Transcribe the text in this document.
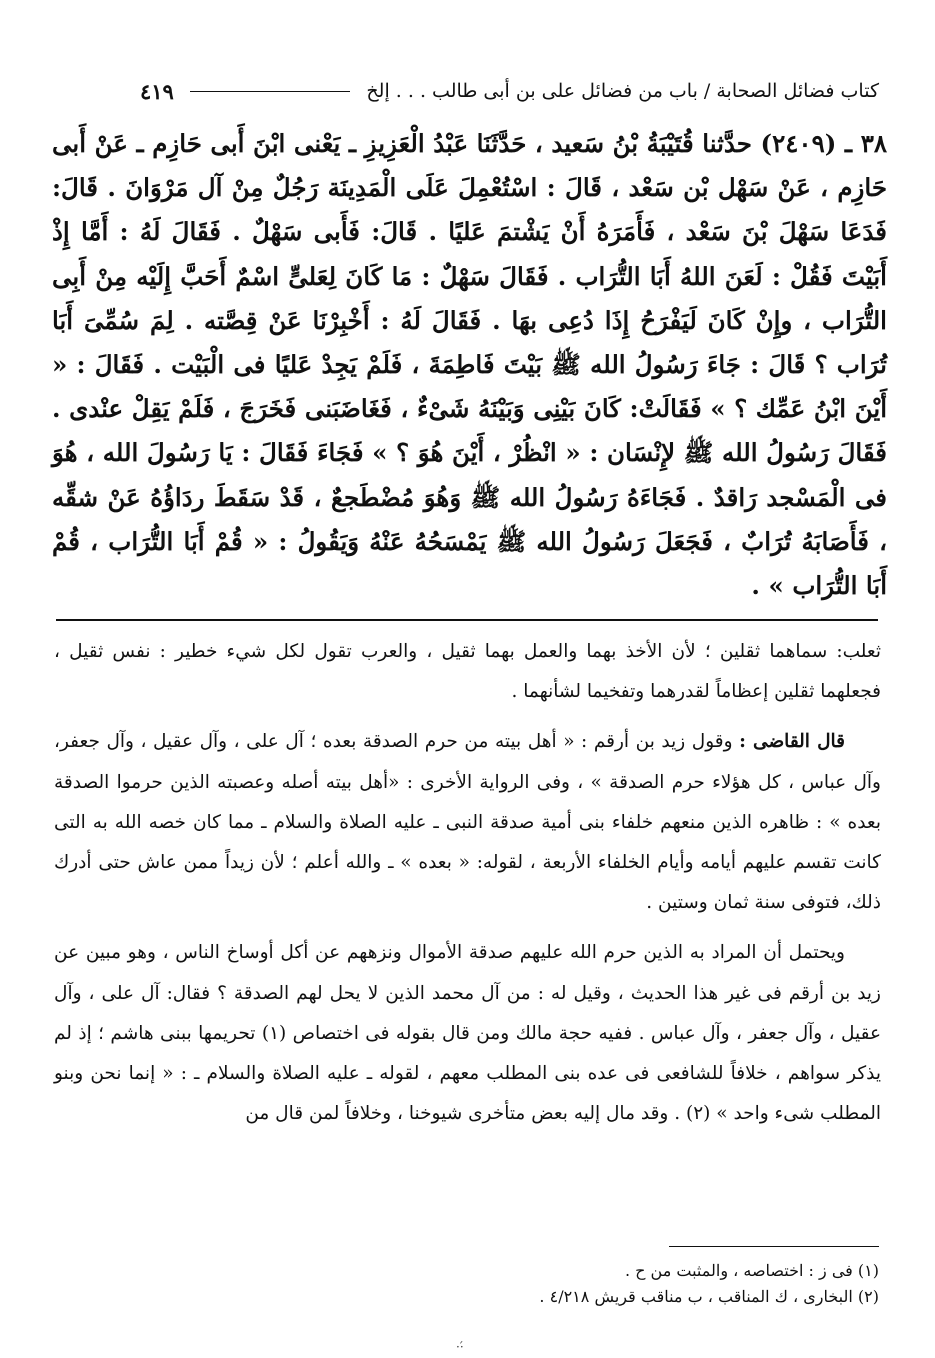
كتاب فضائل الصحابة / باب من فضائل على بن أبى طالب . . . إلخ
٤١٩

٣٨ ـ (٢٤٠٩) حدَّثنا قُتَيْبَةُ بْنُ سَعيد ، حَدَّثَنَا عَبْدُ الْعَزِيزِ ـ يَعْنى ابْنَ أَبى حَازِم ـ عَنْ أَبى حَازِم ، عَنْ سَهْل بْن سَعْد ، قَالَ : اسْتُعْمِلَ عَلَى الْمَدِينَة رَجُلٌ مِنْ آل مَرْوَانَ . قَالَ: فَدَعَا سَهْلَ بْنَ سَعْد ، فَأَمَرَهُ أَنْ يَشْتمَ عَليًا . قَالَ: فَأَبى سَهْلٌ . فَقَالَ لَهُ : أَمَّا إِذْ أَبَيْتَ فَقُلْ : لَعَنَ اللهُ أَبَا التُّرَاب . فَقَالَ سَهْلٌ : مَا كَانَ لِعَلىٍّ اسْمٌ أَحَبَّ إِلَيْه مِنْ أَبِى التُّرَاب ، وإِنْ كَانَ لَيَفْرَحُ إِذَا دُعِى بهَا . فَقَالَ لَهُ : أَخْبِرْنَا عَنْ قِصَّته . لِمَ سُمِّىَ أَبَا تُرَاب ؟ قَالَ : جَاءَ رَسُولُ الله ﷺ بَيْتَ فَاطِمَةَ ، فَلَمْ يَجِدْ عَليًا فى الْبَيْت . فَقَالَ : « أَيْنَ ابْنُ عَمِّك ؟ » فَقَالَتْ: كَانَ بَيْنِى وَبَيْنَهُ شَىْءٌ ، فَغَاضَبَنى فَخَرَجَ ، فَلَمْ يَقِلْ عنْدى . فَقَالَ رَسُولُ الله ﷺ لإِنْسَان : « انْظُرْ ، أَيْنَ هُوَ ؟ » فَجَاءَ فَقَالَ : يَا رَسُولَ الله ، هُوَ فى الْمَسْجد رَاقدٌ . فَجَاءَهُ رَسُولُ الله ﷺ وَهُوَ مُضْطَجعٌ ، قَدْ سَقَطَ ردَاؤُهُ عَنْ شقِّه ، فَأَصَابَهُ تُرَابٌ ، فَجَعَلَ رَسُولُ الله ﷺ يَمْسَحُهُ عَنْهُ وَيَقُولُ : « قُمْ أَبَا التُّرَاب ، قُمْ أَبَا التُّرَاب » .

ثعلب: سماهما ثقلين ؛ لأن الأخذ بهما والعمل بهما ثقيل ، والعرب تقول لكل شيء خطير : نفس ثقيل ، فجعلهما ثقلين إعظاماً لقدرهما وتفخيما لشأنهما .

قال القاضى : وقول زيد بن أرقم : « أهل بيته من حرم الصدقة بعده ؛ آل على ، وآل عقيل ، وآل جعفر، وآل عباس ، كل هؤلاء حرم الصدقة » ، وفى الرواية الأخرى : «أهل بيته أصله وعصبته الذين حرموا الصدقة بعده » : ظاهره الذين منعهم خلفاء بنى أمية صدقة النبى ـ عليه الصلاة والسلام ـ مما كان خصه الله به التى كانت تقسم عليهم أيامه وأيام الخلفاء الأربعة ، لقوله: « بعده » ـ والله أعلم ؛ لأن زيداً ممن عاش حتى أدرك ذلك، فتوفى سنة ثمان وستين .

ويحتمل أن المراد به الذين حرم الله عليهم صدقة الأموال ونزههم عن أكل أوساخ الناس ، وهو مبين عن زيد بن أرقم فى غير هذا الحديث ، وقيل له : من آل محمد الذين لا يحل لهم الصدقة ؟ فقال: آل على ، وآل عقيل ، وآل جعفر ، وآل عباس . ففيه حجة مالك ومن قال بقوله فى اختصاص (١) تحريمها ببنى هاشم ؛ إذ لم يذكر سواهم ، خلافاً للشافعى فى عده بنى المطلب معهم ، لقوله ـ عليه الصلاة والسلام ـ : « إنما نحن وبنو المطلب شىء واحد » (٢) . وقد مال إليه بعض متأخرى شيوخنا ، وخلافاً لمن قال من

(١) فى ز : اختصاصه ، والمثبت من ح .

(٢) البخارى ، ك المناقب ، ب مناقب قريش ٤/٢١٨ .

·́·
